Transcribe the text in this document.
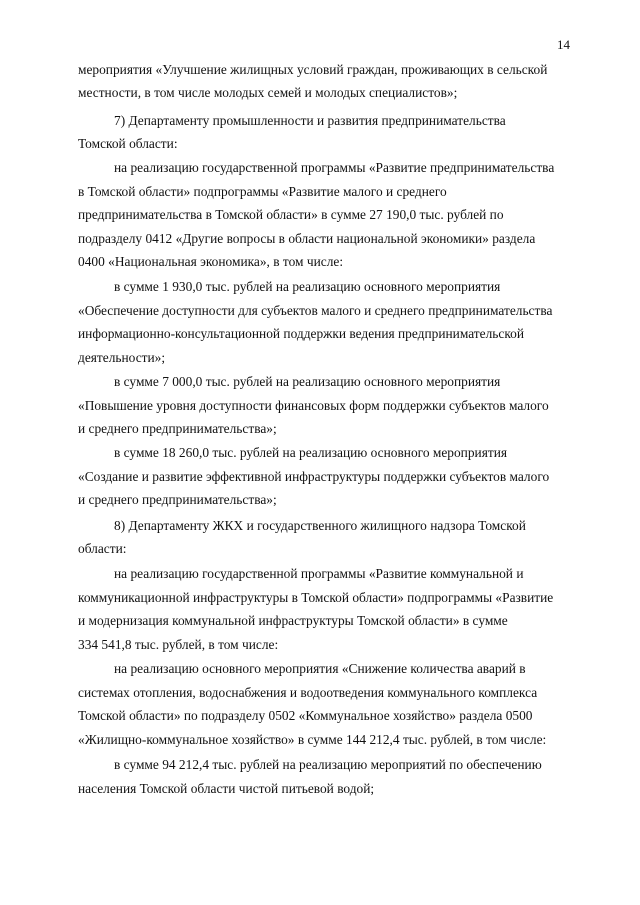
14
мероприятия «Улучшение жилищных условий граждан, проживающих в сельской
местности, в том числе молодых семей и молодых специалистов»;
7) Департаменту промышленности и развития предпринимательства
Томской области:
на реализацию государственной программы «Развитие предпринимательства
в Томской области» подпрограммы «Развитие малого и среднего
предпринимательства в Томской области» в сумме 27 190,0 тыс. рублей по
подразделу 0412 «Другие вопросы в области национальной экономики» раздела
0400 «Национальная экономика», в том числе:
в сумме 1 930,0 тыс. рублей на реализацию основного мероприятия
«Обеспечение доступности для субъектов малого и среднего предпринимательства
информационно-консультационной поддержки ведения предпринимательской
деятельности»;
в сумме 7 000,0 тыс. рублей на реализацию основного мероприятия
«Повышение уровня доступности финансовых форм поддержки субъектов малого
и среднего предпринимательства»;
в сумме 18 260,0 тыс. рублей на реализацию основного мероприятия
«Создание и развитие эффективной инфраструктуры поддержки субъектов малого
и среднего предпринимательства»;
8) Департаменту ЖКХ и государственного жилищного надзора Томской
области:
на реализацию государственной программы «Развитие коммунальной и
коммуникационной инфраструктуры в Томской области» подпрограммы «Развитие
и модернизация коммунальной инфраструктуры Томской области» в сумме
334 541,8 тыс. рублей, в том числе:
на реализацию основного мероприятия «Снижение количества аварий в
системах отопления, водоснабжения и водоотведения коммунального комплекса
Томской области» по подразделу 0502 «Коммунальное хозяйство» раздела 0500
«Жилищно-коммунальное хозяйство» в сумме 144 212,4 тыс. рублей, в том числе:
в сумме 94 212,4 тыс. рублей на реализацию мероприятий по обеспечению
населения Томской области чистой питьевой водой;
